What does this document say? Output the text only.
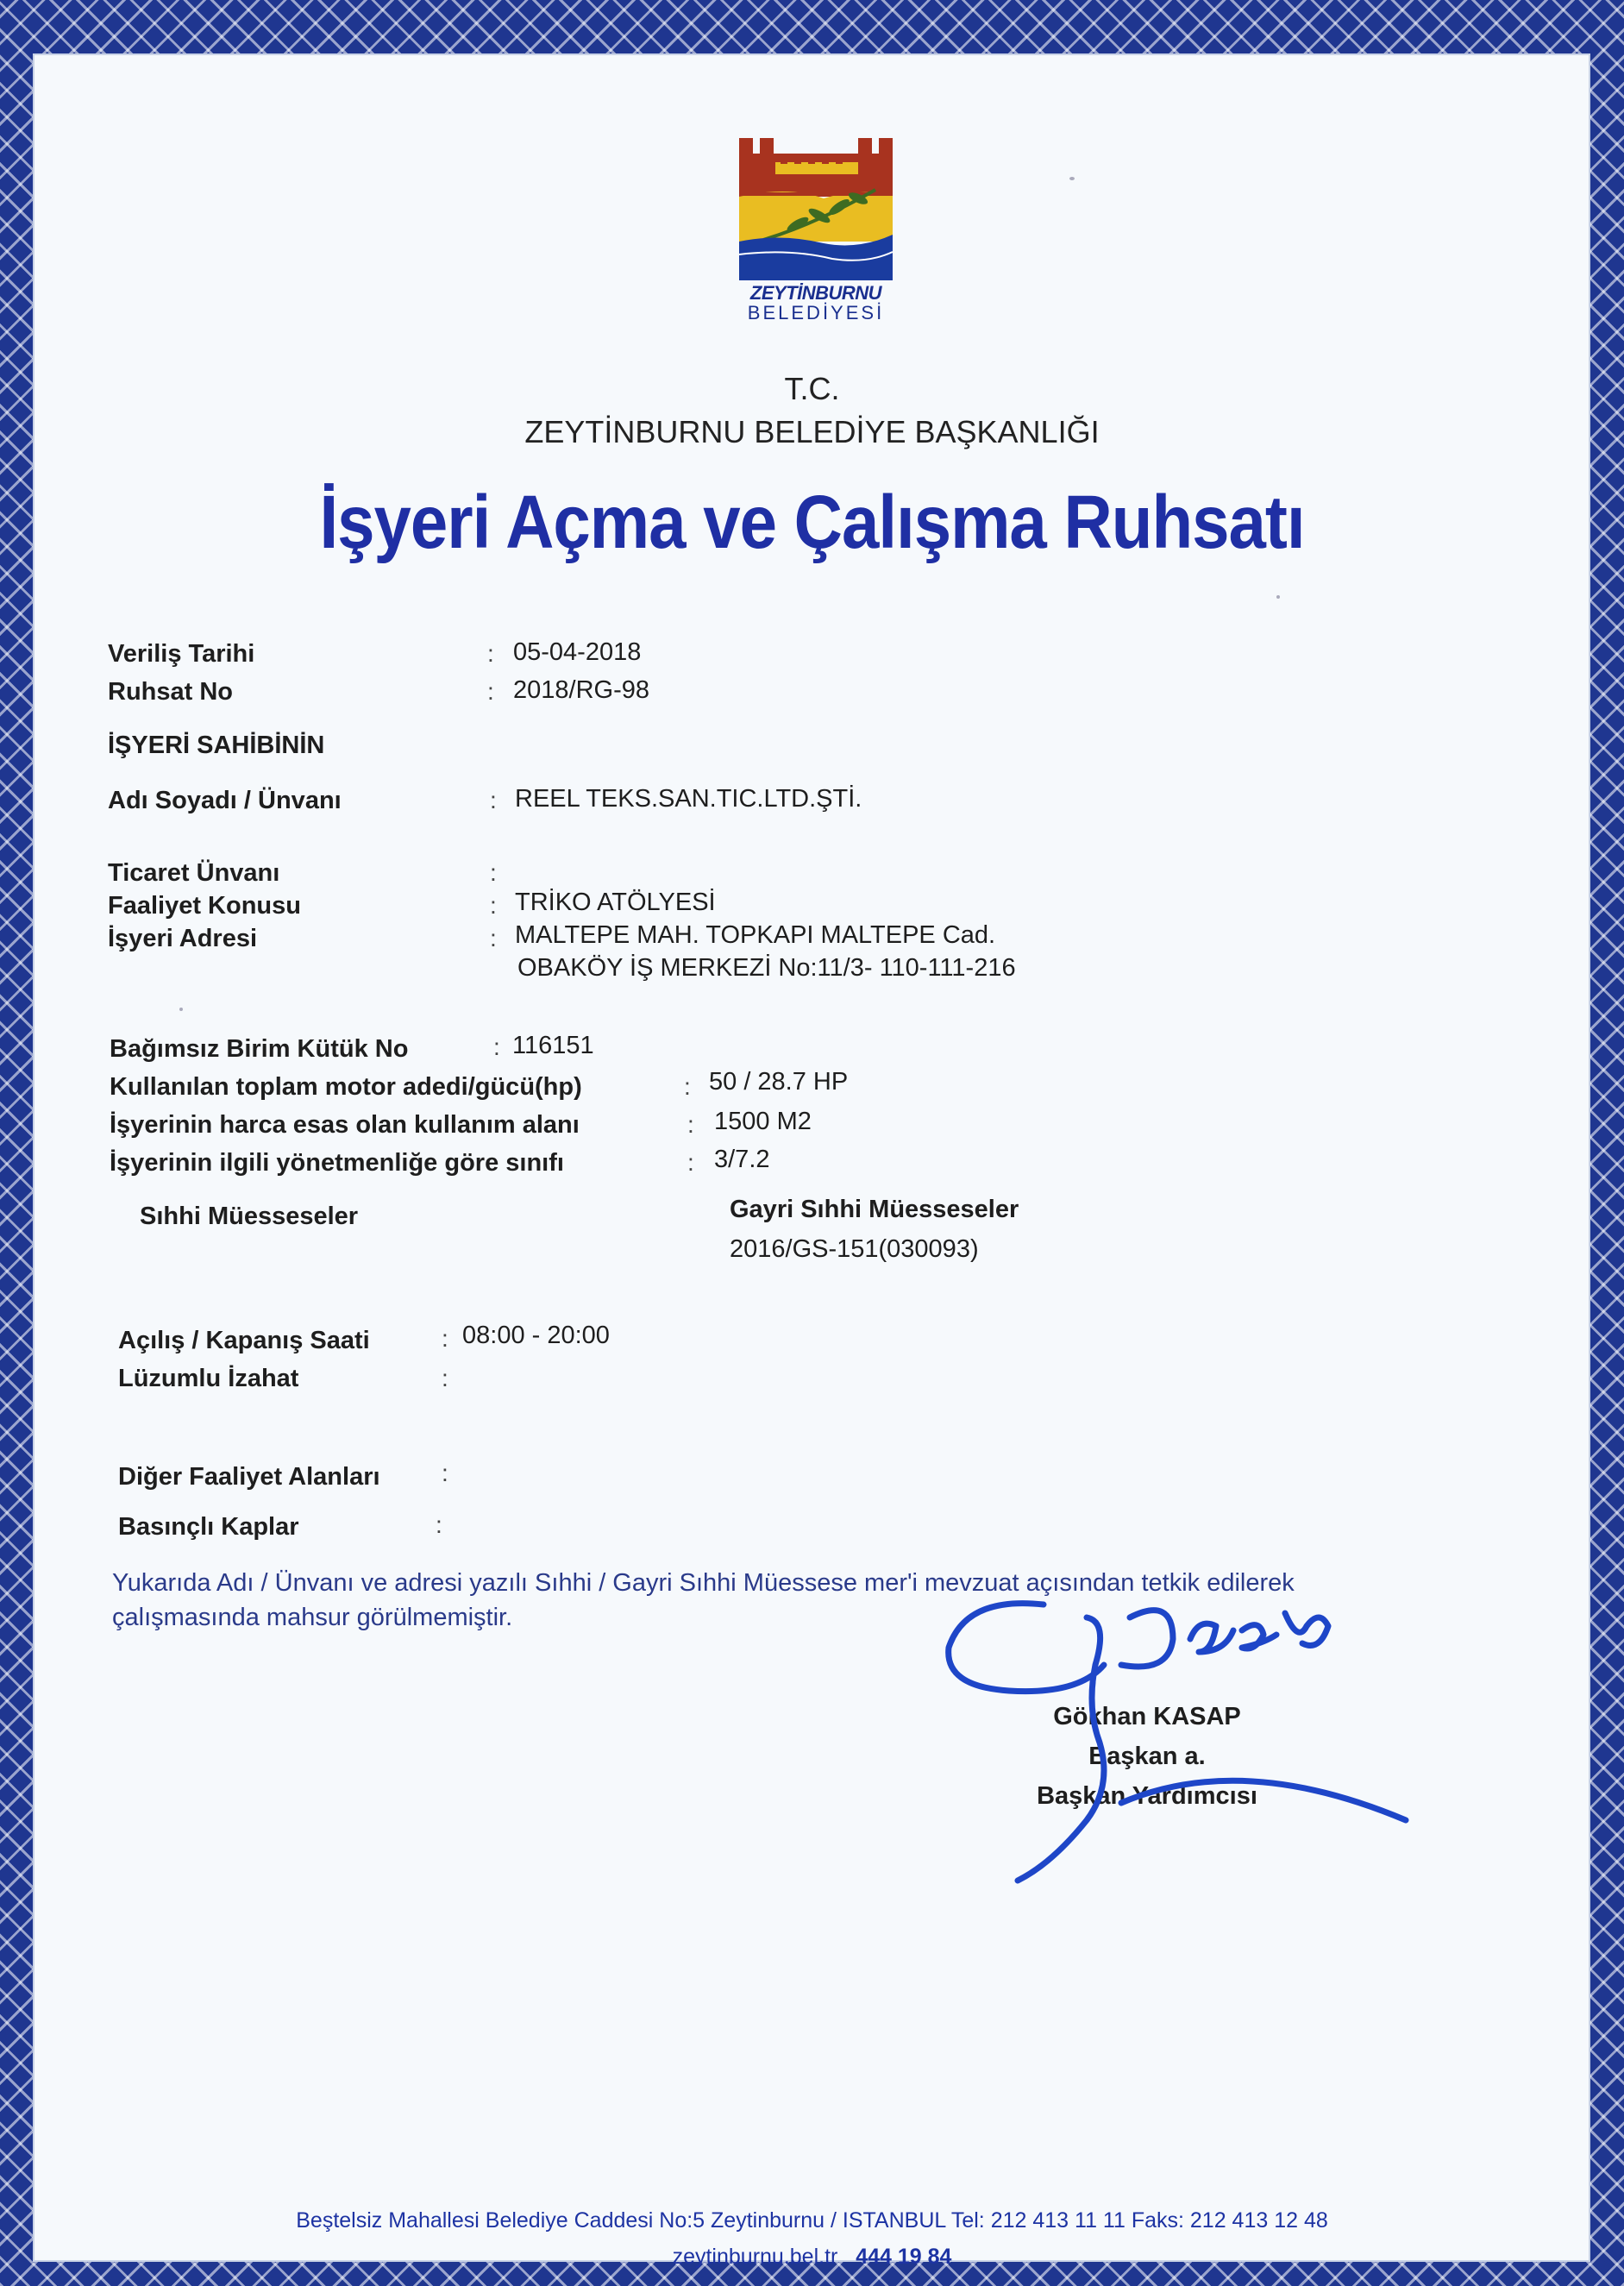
ZEYTİNBURNU
BELEDİYESİ
T.C.
ZEYTİNBURNU BELEDİYE BAŞKANLIĞI
İşyeri Açma ve Çalışma Ruhsatı
Veriliş Tarihi	: 05-04-2018
Ruhsat No	: 2018/RG-98
İŞYERİ SAHİBİNİN
Adı Soyadı / Ünvanı	: REEL TEKS.SAN.TIC.LTD.ŞTİ.
Ticaret Ünvanı	:
Faaliyet Konusu	: TRİKO ATÖLYESİ
İşyeri Adresi	: MALTEPE MAH. TOPKAPI MALTEPE Cad.
OBAKÖY İŞ MERKEZİ No:11/3- 110-111-216
Bağımsız Birim Kütük No	: 116151
Kullanılan toplam motor adedi/gücü(hp)	: 50 / 28.7 HP
İşyerinin harca esas olan kullanım alanı	: 1500 M2
İşyerinin ilgili yönetmenliğe göre sınıfı	: 3/7.2
Sıhhi Müesseseler	Gayri Sıhhi Müesseseler
2016/GS-151(030093)
Açılış / Kapanış Saati	: 08:00 - 20:00
Lüzumlu İzahat	:
Diğer Faaliyet Alanları	:
Basınçlı Kaplar	:
Yukarıda Adı / Ünvanı ve adresi yazılı Sıhhi / Gayri Sıhhi Müessese mer'i mevzuat açısından tetkik edilerek çalışmasında mahsur görülmemiştir.
Gökhan KASAP
Başkan a.
Başkan Yardımcısı
Beştelsiz Mahallesi Belediye Caddesi No:5 Zeytinburnu / ISTANBUL Tel: 212 413 11 11 Faks: 212 413 12 48
zeytinburnu.bel.tr 444 19 84
